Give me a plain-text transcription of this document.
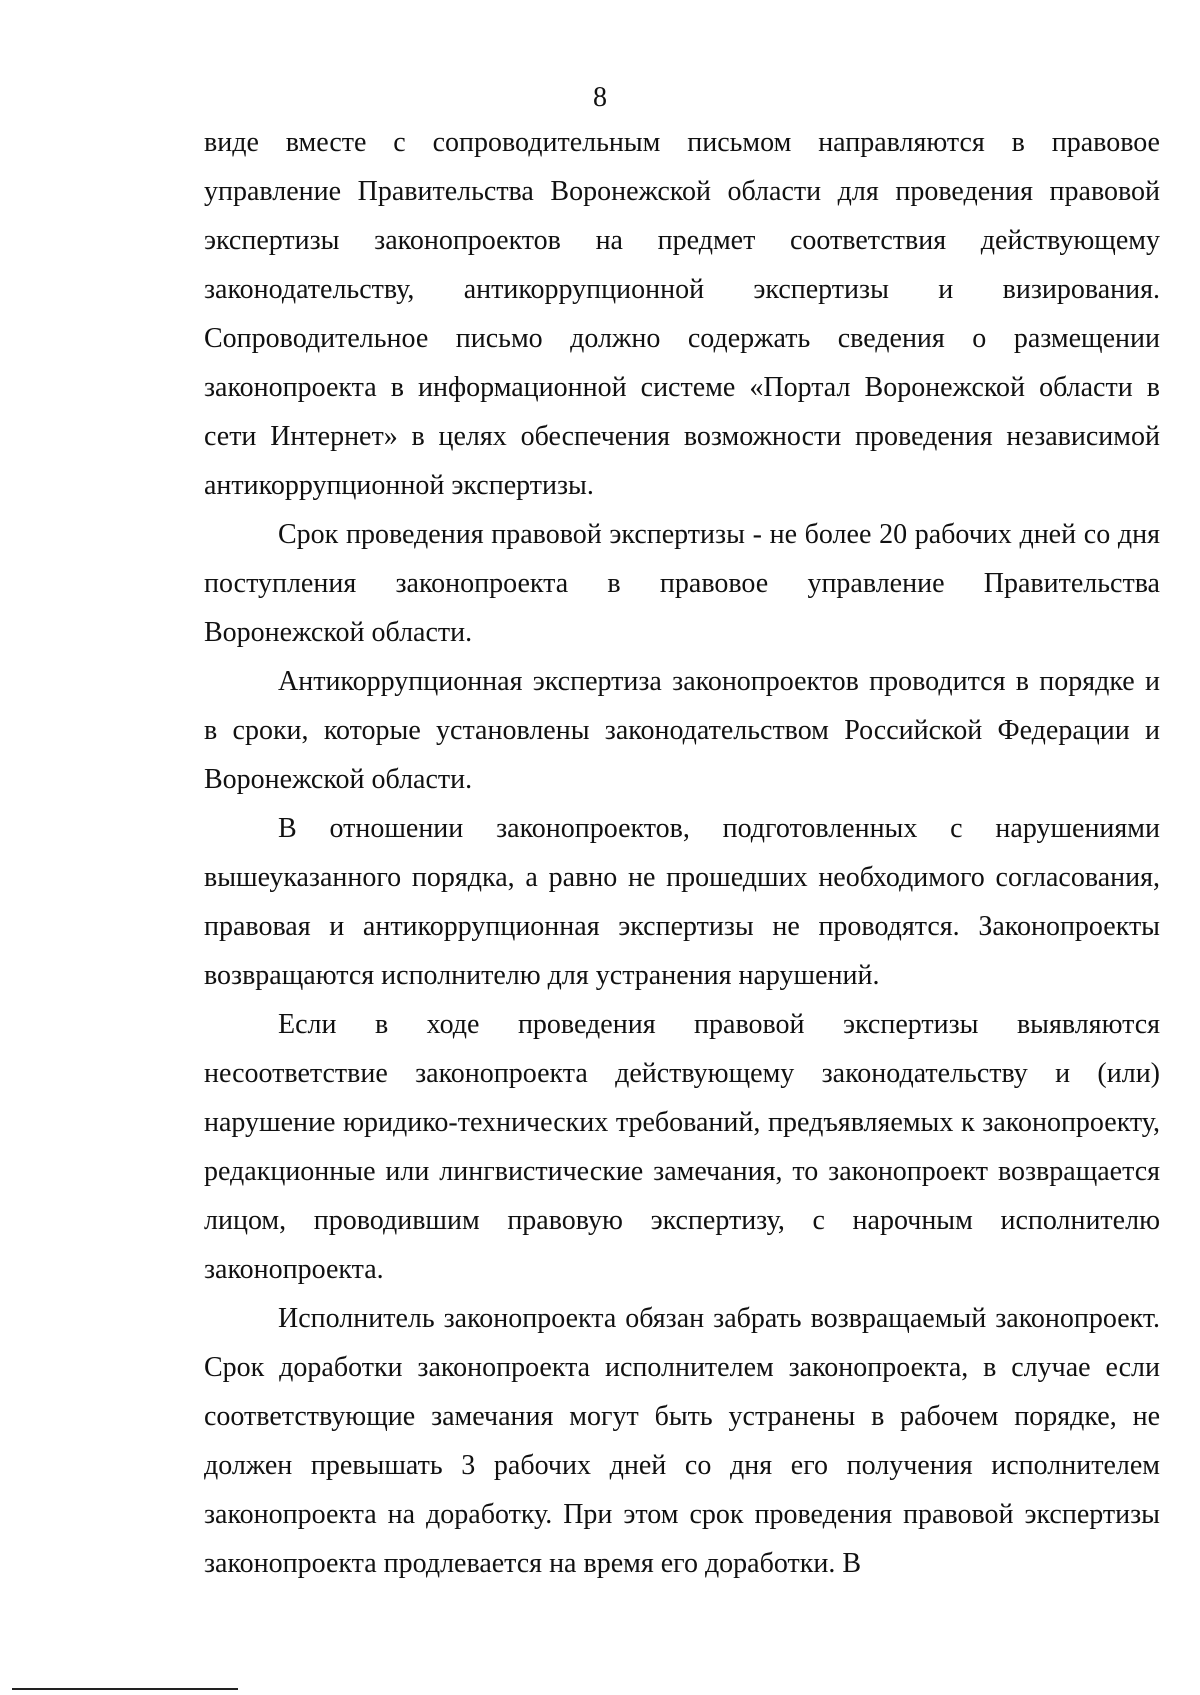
8

виде вместе с сопроводительным письмом направляются в правовое управление Правительства Воронежской области для проведения правовой экспертизы законопроектов на предмет соответствия действующему законодательству, антикоррупционной экспертизы и визирования. Сопроводительное письмо должно содержать сведения о размещении законопроекта в информационной системе «Портал Воронежской области в сети Интернет» в целях обеспечения возможности проведения независимой антикоррупционной экспертизы.

Срок проведения правовой экспертизы - не более 20 рабочих дней со дня поступления законопроекта в правовое управление Правительства Воронежской области.

Антикоррупционная экспертиза законопроектов проводится в порядке и в сроки, которые установлены законодательством Российской Федерации и Воронежской области.

В отношении законопроектов, подготовленных с нарушениями вышеуказанного порядка, а равно не прошедших необходимого согласования, правовая и антикоррупционная экспертизы не проводятся. Законопроекты возвращаются исполнителю для устранения нарушений.

Если в ходе проведения правовой экспертизы выявляются несоответствие законопроекта действующему законодательству и (или) нарушение юридико-технических требований, предъявляемых к законопроекту, редакционные или лингвистические замечания, то законопроект возвращается лицом, проводившим правовую экспертизу, с нарочным исполнителю законопроекта.

Исполнитель законопроекта обязан забрать возвращаемый законопроект. Срок доработки законопроекта исполнителем законопроекта, в случае если соответствующие замечания могут быть устранены в рабочем порядке, не должен превышать 3 рабочих дней со дня его получения исполнителем законопроекта на доработку. При этом срок проведения правовой экспертизы законопроекта продлевается на время его доработки. В
